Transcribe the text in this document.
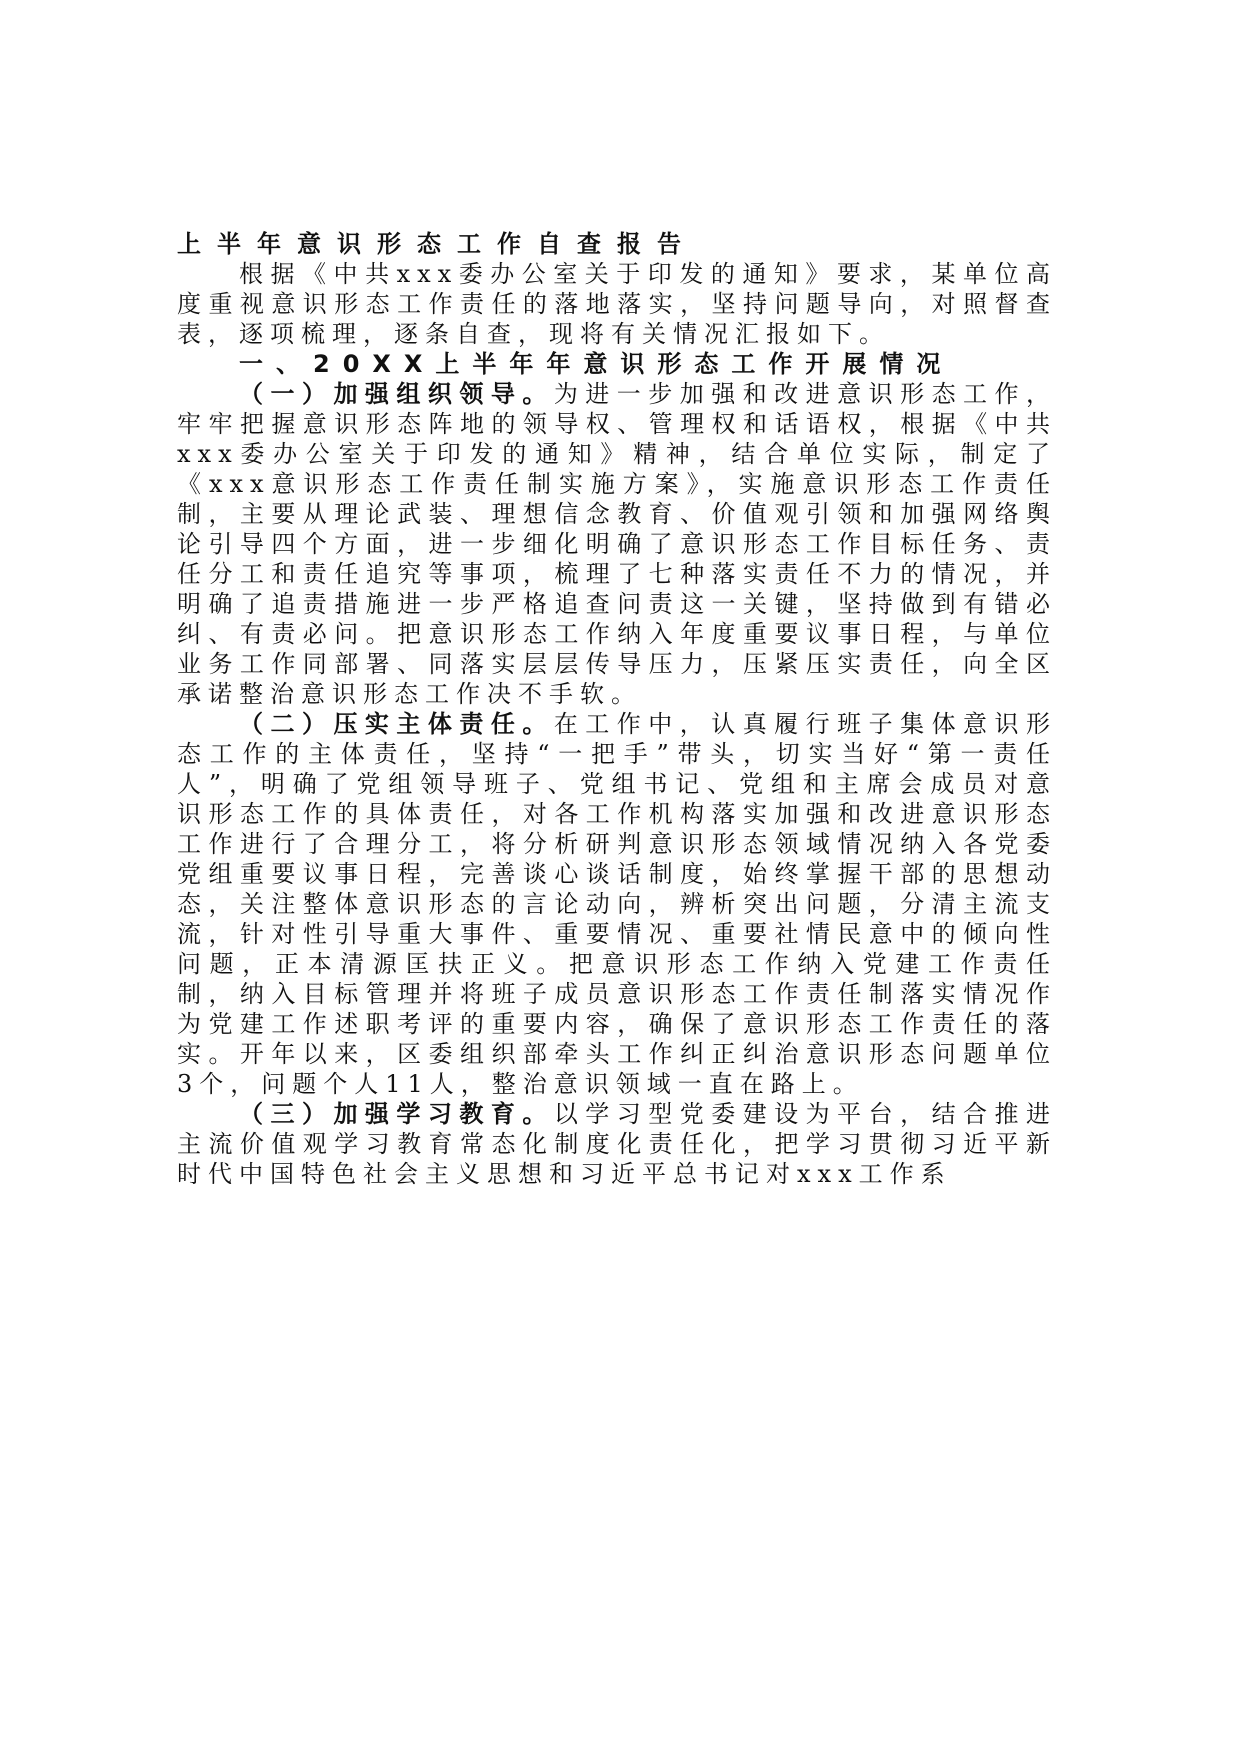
上半年意识形态工作自查报告

根据《中共xxx委办公室关于印发的通知》要求，某单位高度重视意识形态工作责任的落地落实，坚持问题导向，对照督查表，逐项梳理，逐条自查，现将有关情况汇报如下。

一、20XX上半年年意识形态工作开展情况

（一）加强组织领导。为进一步加强和改进意识形态工作，牢牢把握意识形态阵地的领导权、管理权和话语权，根据《中共xxx委办公室关于印发的通知》精神，结合单位实际，制定了《xxx意识形态工作责任制实施方案》，实施意识形态工作责任制，主要从理论武装、理想信念教育、价值观引领和加强网络舆论引导四个方面，进一步细化明确了意识形态工作目标任务、责任分工和责任追究等事项，梳理了七种落实责任不力的情况，并明确了追责措施进一步严格追查问责这一关键，坚持做到有错必纠、有责必问。把意识形态工作纳入年度重要议事日程，与单位业务工作同部署、同落实层层传导压力，压紧压实责任，向全区承诺整治意识形态工作决不手软。

（二）压实主体责任。在工作中，认真履行班子集体意识形态工作的主体责任，坚持“一把手”带头，切实当好“第一责任人”，明确了党组领导班子、党组书记、党组和主席会成员对意识形态工作的具体责任，对各工作机构落实加强和改进意识形态工作进行了合理分工，将分析研判意识形态领域情况纳入各党委党组重要议事日程，完善谈心谈话制度，始终掌握干部的思想动态，关注整体意识形态的言论动向，辨析突出问题，分清主流支流，针对性引导重大事件、重要情况、重要社情民意中的倾向性问题，正本清源匡扶正义。把意识形态工作纳入党建工作责任制，纳入目标管理并将班子成员意识形态工作责任制落实情况作为党建工作述职考评的重要内容，确保了意识形态工作责任的落实。开年以来，区委组织部牵头工作纠正纠治意识形态问题单位3个，问题个人11人，整治意识领域一直在路上。

（三）加强学习教育。以学习型党委建设为平台，结合推进主流价值观学习教育常态化制度化责任化，把学习贯彻习近平新时代中国特色社会主义思想和习近平总书记对xxx工作系
